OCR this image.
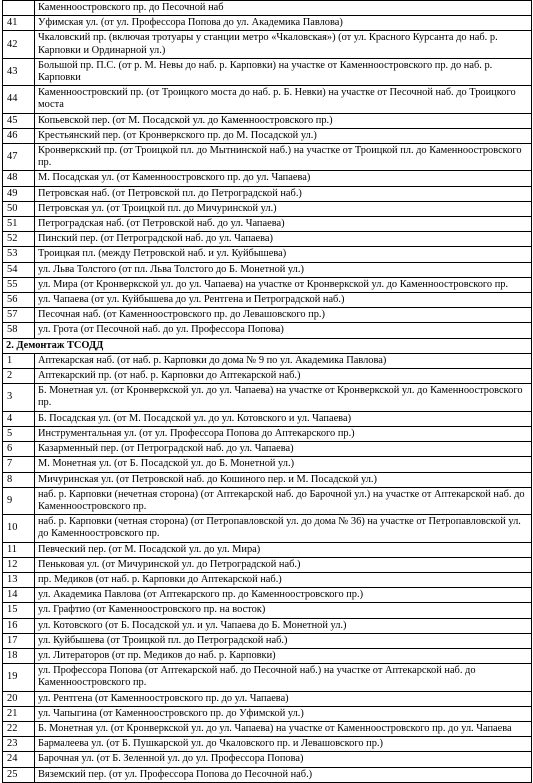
	Каменноостровского пр. до Песочной наб
41	Уфимская ул. (от ул. Профессора Попова до ул. Академика Павлова)
42	Чкаловский пр. (включая тротуары у станции метро «Чкаловская») (от ул. Красного Курсанта до наб. р. Карповки и Ординарной ул.)
43	Большой пр. П.С. (от р. М. Невы до наб. р. Карповки) на участке от Каменноостровского пр. до наб. р. Карповки
44	Каменноостровский пр. (от Троицкого моста до наб. р. Б. Невки) на участке от Песочной наб. до Троицкого моста
45	Копьевской пер. (от М. Посадской ул. до Каменноостровского пр.)
46	Крестьянский пер. (от Кронверкского пр. до М. Посадской ул.)
47	Кронверкский пр. (от Троицкой пл. до Мытнинской наб.) на участке от Троицкой пл. до Каменноостровского пр.
48	М. Посадская ул. (от Каменноостровского пр. до ул. Чапаева)
49	Петровская наб. (от Петровской пл. до Петроградской наб.)
50	Петровская ул. (от Троицкой пл. до Мичуринской ул.)
51	Петроградская наб. (от Петровской наб. до ул. Чапаева)
52	Пинский пер. (от Петроградской наб. до ул. Чапаева)
53	Троицкая пл. (между Петровской наб. и ул. Куйбышева)
54	ул. Льва Толстого (от пл. Льва Толстого до Б. Монетной ул.)
55	ул. Мира (от Кронверкской ул. до ул. Чапаева) на участке от Кронверкской ул. до Каменноостровского пр.
56	ул. Чапаева (от ул. Куйбышева до ул. Рентгена и Петроградской наб.)
57	Песочная наб. (от Каменноостровского пр. до Левашовского пр.)
58	ул. Грота (от Песочной наб. до ул. Профессора Попова)
2. Демонтаж ТСОДД	
1	Аптекарская наб. (от наб. р. Карповки до дома № 9 по ул. Академика Павлова)
2	Аптекарский пр. (от наб. р. Карповки до Аптекарской наб.)
3	Б. Монетная ул. (от Кронверкской ул. до ул. Чапаева) на участке от Кронверкской ул. до Каменноостровского пр.
4	Б. Посадская ул. (от М. Посадской ул. до ул. Котовского и ул. Чапаева)
5	Инструментальная ул. (от ул. Профессора Попова до Аптекарского пр.)
6	Казарменный пер. (от Петроградской наб. до ул. Чапаева)
7	М. Монетная ул. (от Б. Посадской ул. до Б. Монетной ул.)
8	Мичуринская ул. (от Петровской наб. до Кошиного пер. и М. Посадской ул.)
9	наб. р. Карповки (нечетная сторона) (от Аптекарской наб. до Барочной ул.) на участке от Аптекарской наб. до Каменноостровского пр.
10	наб. р. Карповки (четная сторона) (от Петропавловской ул. до дома № 36) на участке от Петропавловской ул. до Каменноостровского пр.
11	Певческий пер. (от М. Посадской ул. до ул. Мира)
12	Пеньковая ул. (от Мичуринской ул. до Петроградской наб.)
13	пр. Медиков (от наб. р. Карповки до Аптекарской наб.)
14	ул. Академика Павлова (от Аптекарского пр. до Каменноостровского пр.)
15	ул. Графтио (от Каменноостровского пр. на восток)
16	ул. Котовского (от Б. Посадской ул. и ул. Чапаева до Б. Монетной ул.)
17	ул. Куйбышева (от Троицкой пл. до Петроградской наб.)
18	ул. Литераторов (от пр. Медиков до наб. р. Карповки)
19	ул. Профессора Попова (от Аптекарской наб. до Песочной наб.) на участке от Аптекарской наб. до Каменноостровского пр.
20	ул. Рентгена (от Каменноостровского пр. до ул. Чапаева)
21	ул. Чапыгина (от Каменноостровского пр. до Уфимской ул.)
22	Б. Монетная ул. (от Кронверкской ул. до ул. Чапаева) на участке от Каменноостровского пр. до ул. Чапаева
23	Бармалеева ул. (от Б. Пушкарской ул. до Чкаловского пр. и Левашовского пр.)
24	Барочная ул. (от Б. Зеленной ул. до ул. Профессора Попова)
25	Вяземский пер. (от ул. Профессора Попова до Песочной наб.)
